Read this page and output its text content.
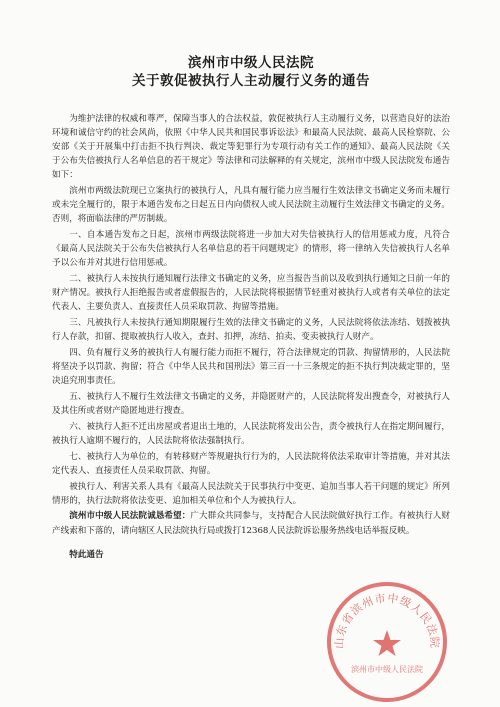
滨州市中级人民法院
关于敦促被执行人主动履行义务的通告

为维护法律的权威和尊严，保障当事人的合法权益，敦促被执行人主动履行义务，以营造良好的法治环境和诚信守约的社会风尚，依照《中华人民共和国民事诉讼法》和最高人民法院、最高人民检察院、公安部《关于开展集中打击拒不执行判决、裁定等犯罪行为专项行动有关工作的通知》、最高人民法院《关于公布失信被执行人名单信息的若干规定》等法律和司法解释的有关规定，滨州市中级人民法院发布通告如下：

滨州市两级法院现已立案执行的被执行人，凡具有履行能力应当履行生效法律文书确定义务而未履行或未完全履行的，限于本通告发布之日起五日内向债权人或人民法院主动履行生效法律文书确定的义务。否则，将面临法律的严厉制裁。

一、自本通告发布之日起，滨州市两级法院将进一步加大对失信被执行人的信用惩戒力度，凡符合《最高人民法院关于公布失信被执行人名单信息的若干问题规定》的情形，将一律纳入失信被执行人名单予以公布并对其进行信用惩戒。

二、被执行人未按执行通知履行法律文书确定的义务，应当报告当前以及收到执行通知之日前一年的财产情况。被执行人拒绝报告或者虚假报告的，人民法院将根据情节轻重对被执行人或者有关单位的法定代表人、主要负责人、直接责任人员采取罚款、拘留等措施。

三、凡被执行人未按执行通知期限履行生效的法律文书确定的义务，人民法院将依法冻结、划拨被执行人存款，扣留、提取被执行人收入，查封、扣押，冻结、拍卖、变卖被执行人财产。

四、负有履行义务的被执行人有履行能力而拒不履行，符合法律规定的罚款、拘留情形的，人民法院将坚决予以罚款、拘留；符合《中华人民共和国刑法》第三百一十三条规定的拒不执行判决裁定罪的，坚决追究刑事责任。

五、被执行人不履行生效法律文书确定的义务，并隐匿财产的，人民法院将发出搜查令，对被执行人及其住所或者财产隐匿地进行搜查。

六、被执行人拒不迁出房屋或者退出土地的，人民法院将发出公告，责令被执行人在指定期间履行，被执行人逾期不履行的，人民法院将依法强制执行。

七、被执行人为单位的，有转移财产等规避执行行为的，人民法院将依法采取审计等措施，并对其法定代表人、直接责任人员采取罚款、拘留。

被执行人、利害关系人具有《最高人民法院关于民事执行中变更、追加当事人若干问题的规定》所列情形的，执行法院将依法变更、追加相关单位和个人为被执行人。

滨州市中级人民法院诚恳希望：广大群众共同参与，支持配合人民法院做好执行工作。有被执行人财产线索和下落的，请向辖区人民法院执行局或拨打12368人民法院诉讼服务热线电话举报反映。

特此通告

山东省滨州市中级人民法院
滨州市中级人民法院
